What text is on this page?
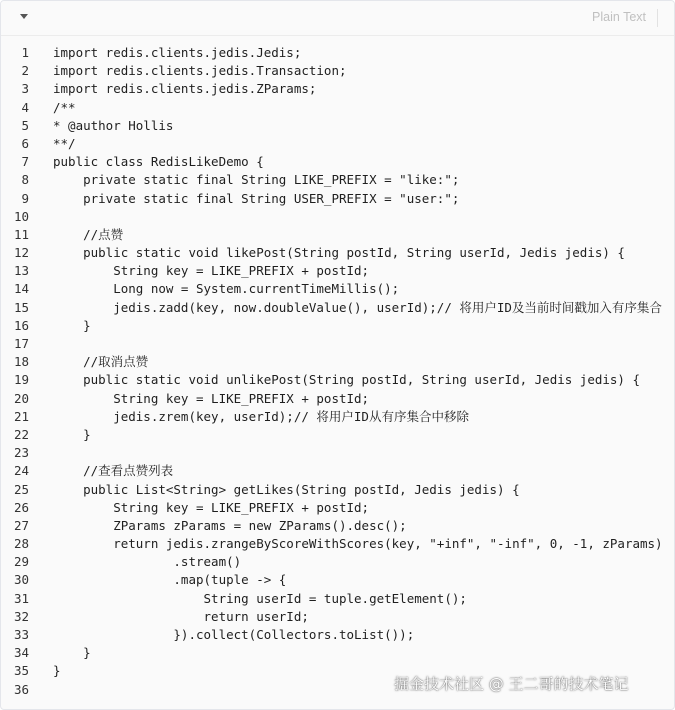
Plain Text
1 import redis.clients.jedis.Jedis;
2 import redis.clients.jedis.Transaction;
3 import redis.clients.jedis.ZParams;
4 /**
5 * @author Hollis
6 **/
7 public class RedisLikeDemo {
8 private static final String LIKE_PREFIX = "like:";
9 private static final String USER_PREFIX = "user:";
10
11 //点赞
12 public static void likePost(String postId, String userId, Jedis jedis) {
13 String key = LIKE_PREFIX + postId;
14 Long now = System.currentTimeMillis();
15 jedis.zadd(key, now.doubleValue(), userId);// 将用户ID及当前时间戳加入有序集合
16 }
17
18 //取消点赞
19 public static void unlikePost(String postId, String userId, Jedis jedis) {
20 String key = LIKE_PREFIX + postId;
21 jedis.zrem(key, userId);// 将用户ID从有序集合中移除
22 }
23
24 //查看点赞列表
25 public List<String> getLikes(String postId, Jedis jedis) {
26 String key = LIKE_PREFIX + postId;
27 ZParams zParams = new ZParams().desc();
28 return jedis.zrangeByScoreWithScores(key, "+inf", "-inf", 0, -1, zParams)
29 .stream()
30 .map(tuple -> {
31 String userId = tuple.getElement();
32 return userId;
33 }).collect(Collectors.toList());
34 }
35 }
36	掘金技术社区 @ 王二哥的技术笔记
